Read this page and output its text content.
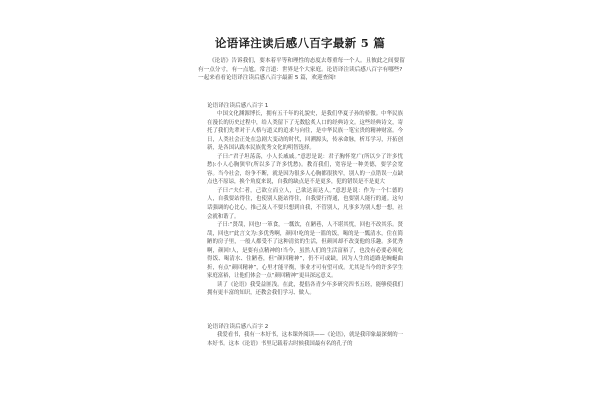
论语译注读后感八百字最新 5 篇

《论语》告诉我们，要本着平等和理性的态度去尊重每一个人。且彼此之间要留有一点分寸，有一点尬。常言道：世界是个大家庭。论语译注读后感八百字有哪些?一起来看看论语译注读后感八百字最新 5 篇，欢迎查阅!

论语译注读后感八百字 1

中国文化渊源博长，拥有五千年的礼貌史，是我们华夏子孙的骄傲。中华民族在漫长的历史过程中，给人类留下了无数脍炙人口的经典诗文。这些经典诗文，寄托了我们先辈对于人格与道义的追求与向往，是中华民族一笔宝贵的精神财富。今日，人类社会正处在急剧大变动的时代，回溯源头，传承命脉，析耳学习，开拓创新，是各国认践本民族优秀文化的明智选择。

子曰:“君子坦荡荡，小人长戚戚。”意思是说：君子胸怀宽广(所以少了许多忧愁):小人心胸狭窄(所以多了许多忧愁)。教育我们，宽容是一种美德，要学会宽容。当今社会，纷争不断，就是因为很多人心胸都很狭窄，别人的一点错误一点缺点也不原谅，换个角度来说，自我的缺点是不是更多，犯的错误是不是更大

子曰:“夫仁者，己欲立而立人，己欲达而达人。”意思是说：作为一个仁德的人，自我要站得住，也使别人能站得住，自我要行得通，也要别人能行的通。这句话强调的心比心，推己及人不要只想到自我，不管别人，凡事多为别人想一想，社会就和谐了。

子曰:“贤哉，回也!一箪食，一瓢饮，在陋巷，人不堪其忧，回也不改其乐。贤哉，回也!”此言文为:多优秀啊，颜回!吃的是一篮的饭，喝的是一瓢清水，住在简陋的房子里，一般人都受不了这种清贫的生活，但颜回却不改变他的乐趣。多优秀啊，颜回!人，是要有点精神的!当今，虽然人们的生活富裕了，也没有必要必须吃得饭、喝清水、住陋巷，但“颜回精神”，仍不可或缺，因为人生的道路是蜿蜒曲折，有点“颜回精神”，心里才能平衡，事业才可有望可成。尤其是当今的许多学生家庭富裕，让他们体会一点“颜回精神”更具深远意义。

读了《论语》我受益匪浅。在此，提倡各青少年多研究四书五经，能够使我们拥有更丰富的知识，还教会我们学习、做人。

论语译注读后感八百字 2

我爱看书，我有一本好书，这本课外阅读——《论语》，就是我印象最深刻的一本好书。这本《论语》书里记载着古时候我国最有名的孔子的
